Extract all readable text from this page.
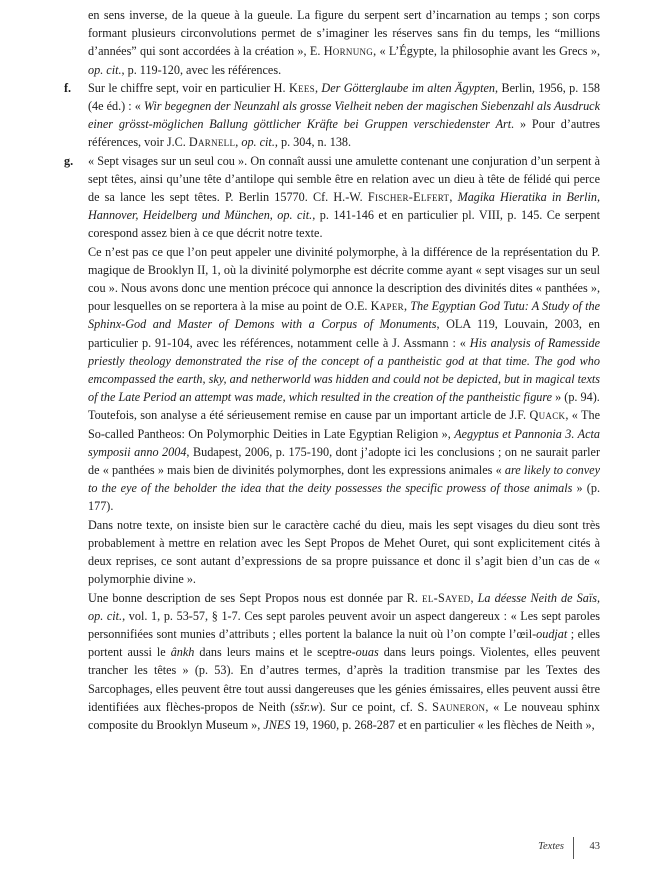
en sens inverse, de la queue à la gueule. La figure du serpent sert d’incarnation au temps ; son corps formant plusieurs circonvolutions permet de s’imaginer les réserves sans fin du temps, les “millions d’années” qui sont accordées à la création », E. Hornung, « L’Égypte, la philosophie avant les Grecs », op. cit., p. 119-120, avec les références.

f. Sur le chiffre sept, voir en particulier H. Kees, Der Götterglaube im alten Ägypten, Berlin, 1956, p. 158 (4e éd.) : « Wir begegnen der Neunzahl als grosse Vielheit neben der magischen Siebenzahl als Ausdruck einer grösst-möglichen Ballung göttlicher Kräfte bei Gruppen verschiedenster Art. » Pour d’autres références, voir J.C. Darnell, op. cit., p. 304, n. 138.

g. « Sept visages sur un seul cou ». On connaît aussi une amulette contenant une conjuration d’un serpent à sept têtes, ainsi qu’une tête d’antilope qui semble être en relation avec un dieu à tête de félidé qui perce de sa lance les sept têtes. P. Berlin 15770. Cf. H.-W. Fischer-Elfert, Magika Hieratika in Berlin, Hannover, Heidelberg und München, op. cit., p. 141-146 et en particulier pl. VIII, p. 145. Ce serpent corespond assez bien à ce que décrit notre texte.

Ce n’est pas ce que l’on peut appeler une divinité polymorphe, à la différence de la représentation du P. magique de Brooklyn II, 1, où la divinité polymorphe est décrite comme ayant « sept visages sur un seul cou ». Nous avons donc une mention précoce qui annonce la description des divinités dites « panthées », pour lesquelles on se reportera à la mise au point de O.E. Kaper, The Egyptian God Tutu: A Study of the Sphinx-God and Master of Demons with a Corpus of Monuments, OLA 119, Louvain, 2003, en particulier p. 91-104, avec les références, notamment celle à J. Assmann : « His analysis of Ramesside priestly theology demonstrated the rise of the concept of a pantheistic god at that time. The god who emcompassed the earth, sky, and netherworld was hidden and could not be depicted, but in magical texts of the Late Period an attempt was made, which resulted in the creation of the pantheistic figure » (p. 94).

Toutefois, son analyse a été sérieusement remise en cause par un important article de J.F. Quack, « The So-called Pantheos: On Polymorphic Deities in Late Egyptian Religion », Aegyptus et Pannonia 3. Acta symposii anno 2004, Budapest, 2006, p. 175-190, dont j’adopte ici les conclusions ; on ne saurait parler de « panthées » mais bien de divinités polymorphes, dont les expressions animales « are likely to convey to the eye of the beholder the idea that the deity possesses the specific prowess of those animals » (p. 177).

Dans notre texte, on insiste bien sur le caractère caché du dieu, mais les sept visages du dieu sont très probablement à mettre en relation avec les Sept Propos de Mehet Ouret, qui sont explicitement cités à deux reprises, ce sont autant d’expressions de sa propre puissance et donc il s’agit bien d’un cas de « polymorphie divine ».

Une bonne description de ses Sept Propos nous est donnée par R. el-Sayed, La déesse Neith de Saïs, op. cit., vol. 1, p. 53-57, § 1-7. Ces sept paroles peuvent avoir un aspect dangereux : « Les sept paroles personnifiées sont munies d’attributs ; elles portent la balance la nuit où l’on compte l’œil-oudjat ; elles portent aussi le ânkh dans leurs mains et le sceptre-ouas dans leurs poings. Violentes, elles peuvent trancher les têtes » (p. 53). En d’autres termes, d’après la tradition transmise par les Textes des Sarcophages, elles peuvent être tout aussi dangereuses que les génies émissaires, elles peuvent aussi être identifiées aux flèches-propos de Neith (sšr.w). Sur ce point, cf. S. Sauneron, « Le nouveau sphinx composite du Brooklyn Museum », JNES 19, 1960, p. 268-287 et en particulier « les flèches de Neith »,

Textes 43
